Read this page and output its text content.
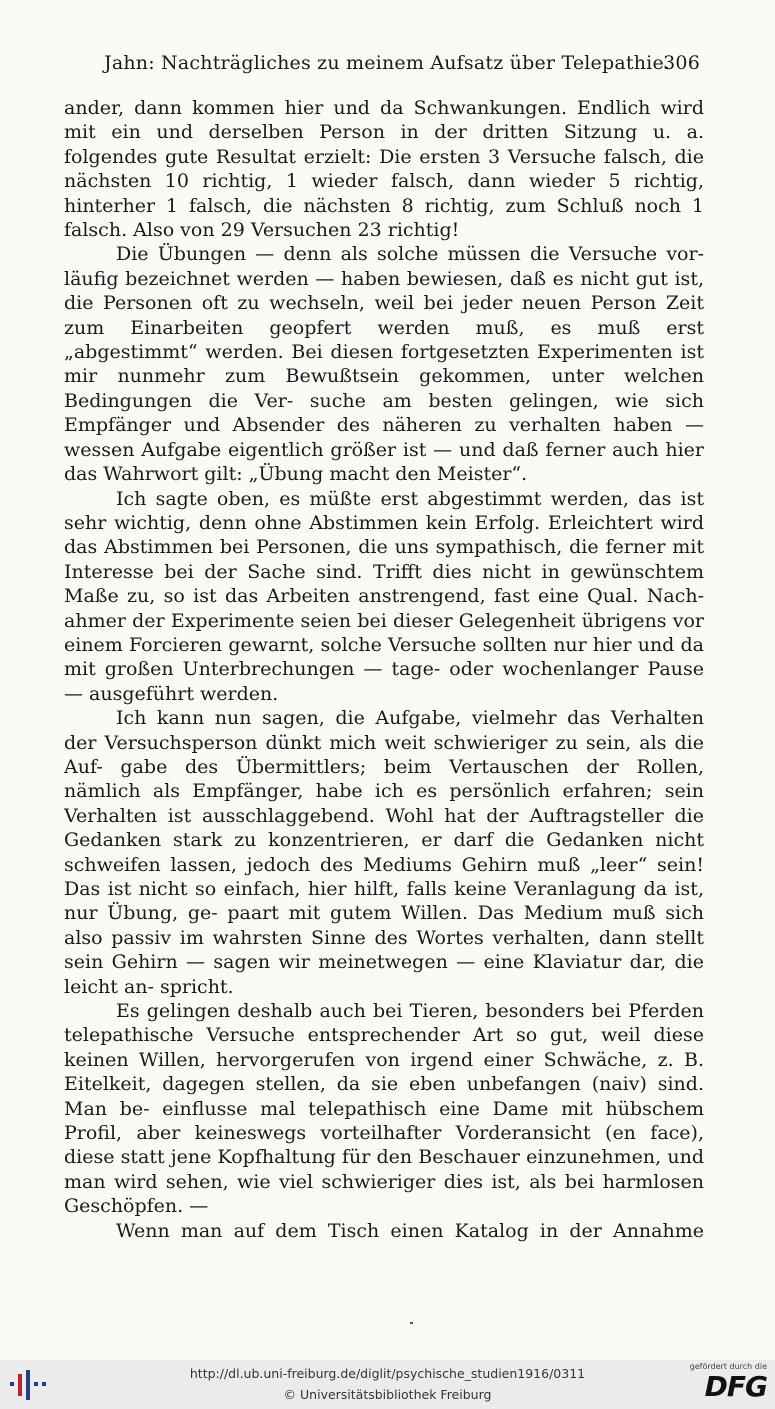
Jahn: Nachträgliches zu meinem Aufsatz über Telepathie.
306

ander, dann kommen hier und da Schwankungen. Endlich wird mit ein und derselben Person in der dritten Sitzung u. a. folgendes gute Resultat erzielt: Die ersten 3 Versuche falsch, die nächsten 10 richtig, 1 wieder falsch, dann wieder 5 richtig, hinterher 1 falsch, die nächsten 8 richtig, zum Schluß noch 1 falsch. Also von 29 Versuchen 23 richtig!

Die Übungen — denn als solche müssen die Versuche vor- läufig bezeichnet werden — haben bewiesen, daß es nicht gut ist, die Personen oft zu wechseln, weil bei jeder neuen Person Zeit zum Einarbeiten geopfert werden muß, es muß erst „abgestimmt“ werden. Bei diesen fortgesetzten Experimenten ist mir nunmehr zum Bewußtsein gekommen, unter welchen Bedingungen die Ver- suche am besten gelingen, wie sich Empfänger und Absender des näheren zu verhalten haben — wessen Aufgabe eigentlich größer ist — und daß ferner auch hier das Wahrwort gilt: „Übung macht den Meister“.

Ich sagte oben, es müßte erst abgestimmt werden, das ist sehr wichtig, denn ohne Abstimmen kein Erfolg. Erleichtert wird das Abstimmen bei Personen, die uns sympathisch, die ferner mit Interesse bei der Sache sind. Trifft dies nicht in gewünschtem Maße zu, so ist das Arbeiten anstrengend, fast eine Qual. Nach- ahmer der Experimente seien bei dieser Gelegenheit übrigens vor einem Forcieren gewarnt, solche Versuche sollten nur hier und da mit großen Unterbrechungen — tage- oder wochenlanger Pause — ausgeführt werden.

Ich kann nun sagen, die Aufgabe, vielmehr das Verhalten der Versuchsperson dünkt mich weit schwieriger zu sein, als die Auf- gabe des Übermittlers; beim Vertauschen der Rollen, nämlich als Empfänger, habe ich es persönlich erfahren; sein Verhalten ist ausschlaggebend. Wohl hat der Auftragsteller die Gedanken stark zu konzentrieren, er darf die Gedanken nicht schweifen lassen, jedoch des Mediums Gehirn muß „leer“ sein! Das ist nicht so einfach, hier hilft, falls keine Veranlagung da ist, nur Übung, ge- paart mit gutem Willen. Das Medium muß sich also passiv im wahrsten Sinne des Wortes verhalten, dann stellt sein Gehirn — sagen wir meinetwegen — eine Klaviatur dar, die leicht an- spricht.

Es gelingen deshalb auch bei Tieren, besonders bei Pferden telepathische Versuche entsprechender Art so gut, weil diese keinen Willen, hervorgerufen von irgend einer Schwäche, z. B. Eitelkeit, dagegen stellen, da sie eben unbefangen (naiv) sind. Man be- einflusse mal telepathisch eine Dame mit hübschem Profil, aber keineswegs vorteilhafter Vorderansicht (en face), diese statt jene Kopfhaltung für den Beschauer einzunehmen, und man wird sehen, wie viel schwieriger dies ist, als bei harmlosen Geschöpfen. —

Wenn man auf dem Tisch einen Katalog in der Annahme

http://dl.ub.uni-freiburg.de/diglit/psychische_studien1916/0311
© Universitätsbibliothek Freiburg
gefördert durch die
DFG
